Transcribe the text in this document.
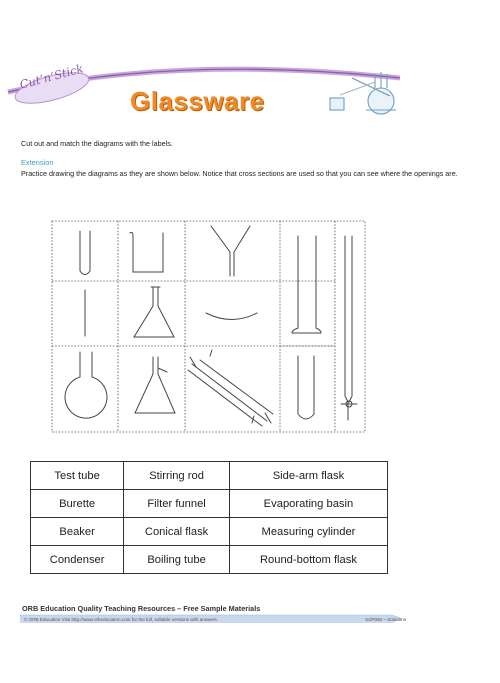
Cut’n’Stick
Glassware
Cut out and match the diagrams with the labels.
Extension
Practice drawing the diagrams as they are shown below. Notice that cross sections are used so that you can see where the openings are.
Test tube	Stirring rod	Side-arm flask
Burette	Filter funnel	Evaporating basin
Beaker	Conical flask	Measuring cylinder
Condenser	Boiling tube	Round-bottom flask
ORB Education Quality Teaching Resources – Free Sample Materials
© ORB Education Visit http://www.orbeducation.com for the full, editable versions with answers.	SciP060 – Solutions
